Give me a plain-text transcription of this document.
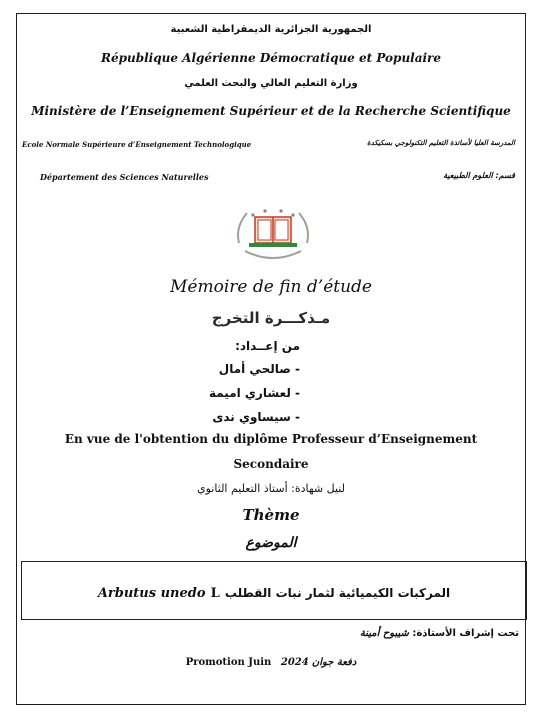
الجمهورية الجزائرية الديمقراطية الشعبية
République Algérienne Démocratique et Populaire
وزارة التعليم العالي والبحث العلمي
Ministère de l’Enseignement Supérieur et de la Recherche Scientifique
Ecole Normale Supérieure d’Enseignement Technologique	المدرسة العليا لأساتذة التعليم التكنولوجي بسكيكدة
Département des Sciences Naturelles	قسم: العلوم الطبيعية
Mémoire de fin d’étude
مـذكـــرة التخرج
من إعــداد:
- صالحي أمال
- لعشاري اميمة
- سيساوي ندى
En vue de l'obtention du diplôme Professeur d’Enseignement
Secondaire
لنيل شهادة: أستاذ التعليم الثانوي
Thème
الموضوع
Arbutus unedo L المركبات الكيميائية لثمار نبات القطلب
تحت إشراف الأستاذة: شيبوح أمينة
Promotion Juin 2024 دفعة جوان
